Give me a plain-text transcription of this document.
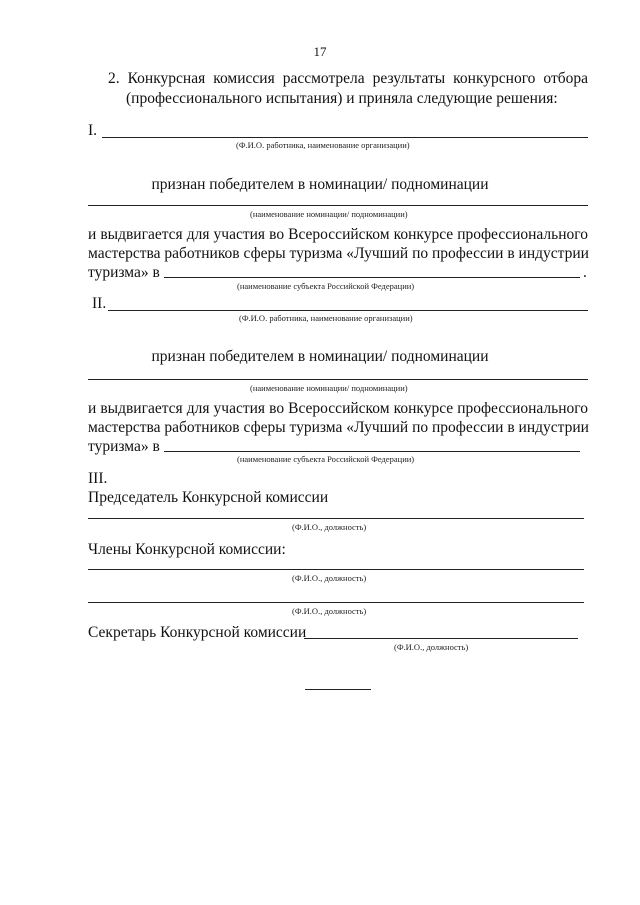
17
2. Конкурсная комиссия рассмотрела результаты конкурсного отбора
(профессионального испытания) и приняла следующие решения:
I.
(Ф.И.О. работника, наименование организации)
признан победителем в номинации/ подноминации
(наименование номинации/ подноминации)
и выдвигается для участия во Всероссийском конкурсе профессионального
мастерства работников сферы туризма «Лучший по профессии в индустрии
туризма» в	.
(наименование субъекта Российской Федерации)
II.
(Ф.И.О. работника, наименование организации)
признан победителем в номинации/ подноминации
(наименование номинации/ подноминации)
и выдвигается для участия во Всероссийском конкурсе профессионального
мастерства работников сферы туризма «Лучший по профессии в индустрии
туризма» в
(наименование субъекта Российской Федерации)
III.
Председатель Конкурсной комиссии
(Ф.И.О., должность)
Члены Конкурсной комиссии:
(Ф.И.О., должность)
(Ф.И.О., должность)
Секретарь Конкурсной комиссии
(Ф.И.О., должность)
